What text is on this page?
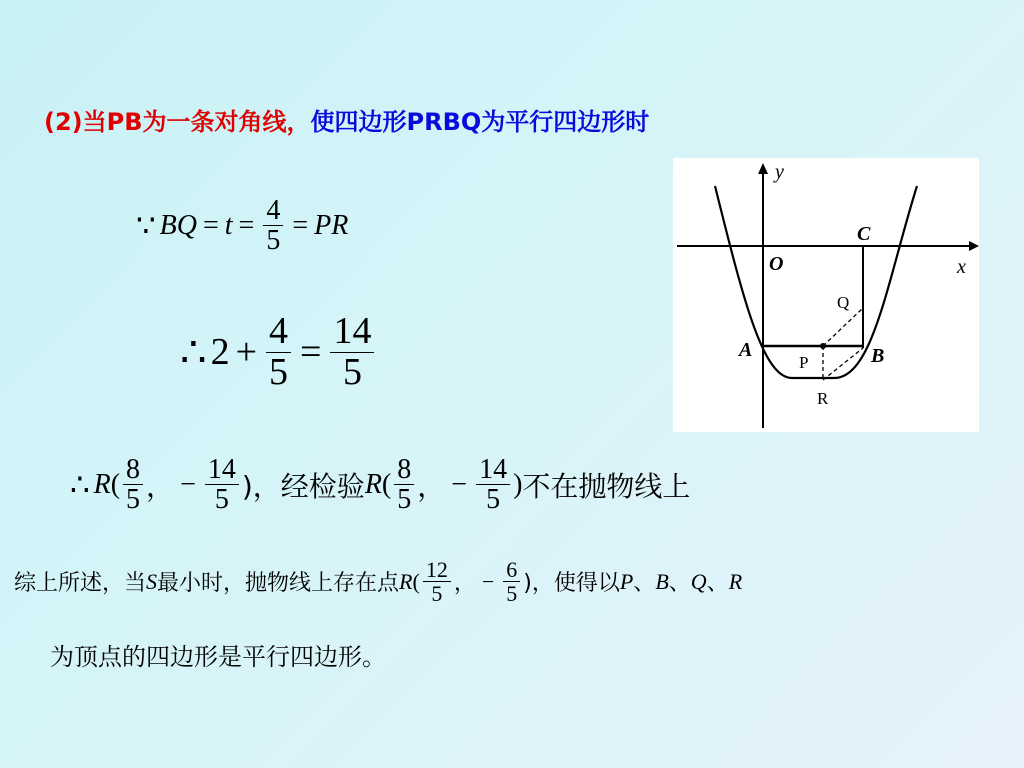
(2)当PB为一条对角线，使四边形PRBQ为平行四边形时
∵ BQ = $t = \frac{4}{5}$ = PR
∴ $2 + \frac{4}{5} = \frac{14}{5}$
∴ R ( $\frac{8}{5}$ ， − $\frac{14}{5}$ )， 经检验 R ( $\frac{8}{5}$ ， − $\frac{14}{5}$ ) 不在抛物线上
综上所述，当 S 最小时，抛物线上存在点 R ( $\frac{12}{5}$ ， − $\frac{6}{5}$ )，使得以 P 、 B 、 Q 、 R
为顶点的四边形是平行四边形。
y
x
O
C
Q
A	B
P
R
